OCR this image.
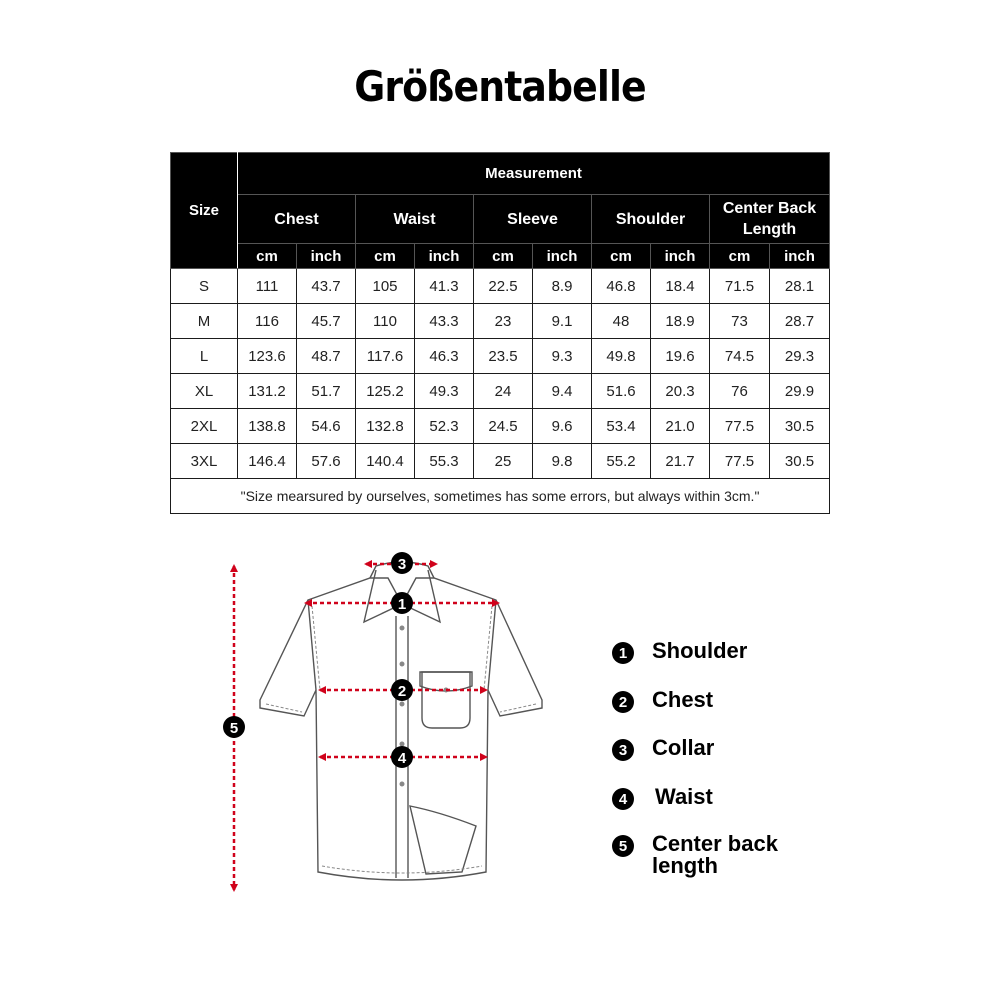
Größentabelle
Size	Measurement									
	Chest		Waist		Sleeve		Shoulder		Center Back Length	
	cm	inch	cm	inch	cm	inch	cm	inch	cm	inch
S	111	43.7	105	41.3	22.5	8.9	46.8	18.4	71.5	28.1
M	116	45.7	110	43.3	23	9.1	48	18.9	73	28.7
L	123.6	48.7	117.6	46.3	23.5	9.3	49.8	19.6	74.5	29.3
XL	131.2	51.7	125.2	49.3	24	9.4	51.6	20.3	76	29.9
2XL	138.8	54.6	132.8	52.3	24.5	9.6	53.4	21.0	77.5	30.5
3XL	146.4	57.6	140.4	55.3	25	9.8	55.2	21.7	77.5	30.5
"Size mearsured by ourselves, sometimes has some errors, but always within 3cm."										
3
1
2
4
5
1	Shoulder
2	Chest
3	Collar
4	Waist
5	Center back length
